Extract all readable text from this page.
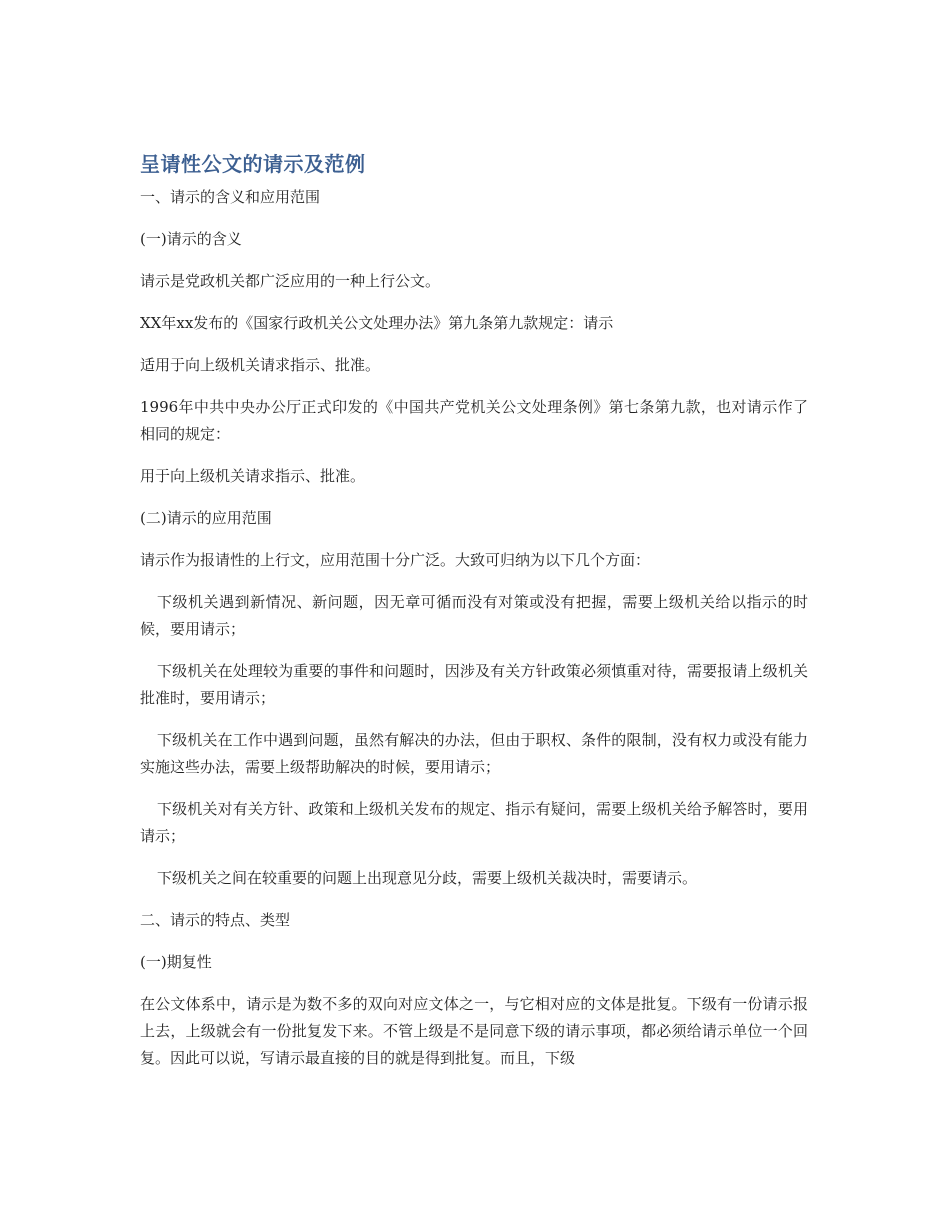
呈请性公文的请示及范例

一、请示的含义和应用范围

(一)请示的含义

请示是党政机关都广泛应用的一种上行公文。

XX年xx发布的《国家行政机关公文处理办法》第九条第九款规定：请示

适用于向上级机关请求指示、批准。

1996年中共中央办公厅正式印发的《中国共产党机关公文处理条例》第七条第九款，也对请示作了相同的规定：

用于向上级机关请求指示、批准。

(二)请示的应用范围

请示作为报请性的上行文，应用范围十分广泛。大致可归纳为以下几个方面：

下级机关遇到新情况、新问题，因无章可循而没有对策或没有把握，需要上级机关给以指示的时候，要用请示；

下级机关在处理较为重要的事件和问题时，因涉及有关方针政策必须慎重对待，需要报请上级机关批准时，要用请示；

下级机关在工作中遇到问题，虽然有解决的办法，但由于职权、条件的限制，没有权力或没有能力实施这些办法，需要上级帮助解决的时候，要用请示；

下级机关对有关方针、政策和上级机关发布的规定、指示有疑问，需要上级机关给予解答时，要用请示；

下级机关之间在较重要的问题上出现意见分歧，需要上级机关裁决时，需要请示。

二、请示的特点、类型

(一)期复性

在公文体系中，请示是为数不多的双向对应文体之一，与它相对应的文体是批复。下级有一份请示报上去，上级就会有一份批复发下来。不管上级是不是同意下级的请示事项，都必须给请示单位一个回复。因此可以说，写请示最直接的目的就是得到批复。而且，下级
